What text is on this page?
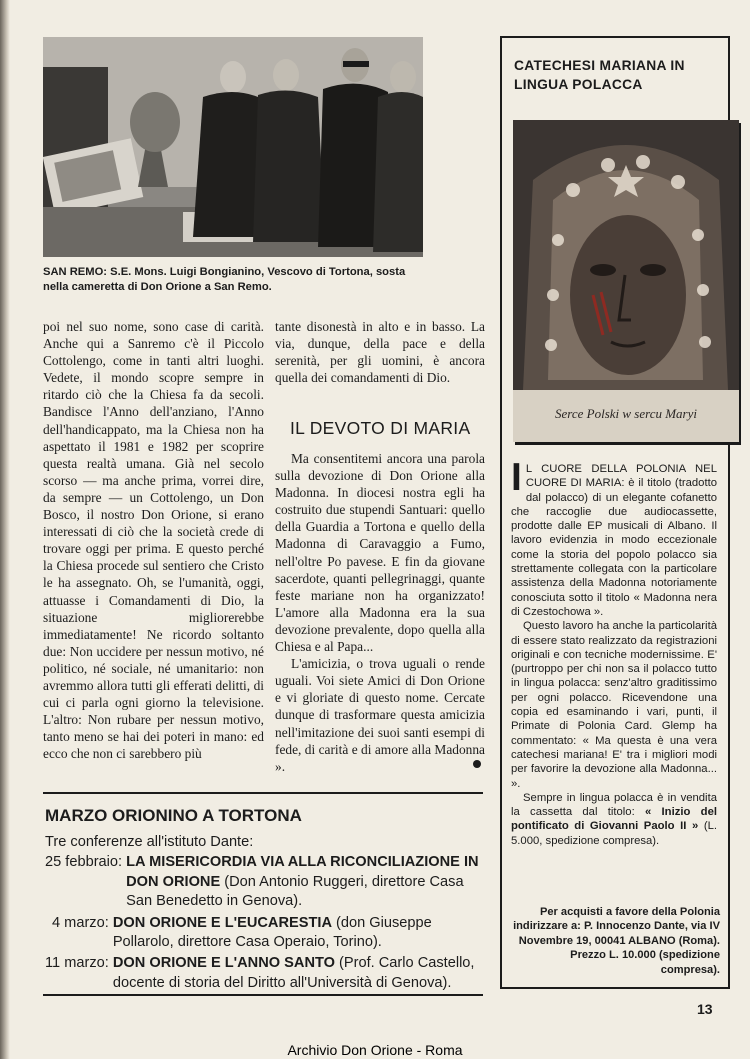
SAN REMO: S.E. Mons. Luigi Bongianino, Vescovo di Tortona, sosta nella cameretta di Don Orione a San Remo.

poi nel suo nome, sono case di carità. Anche qui a Sanremo c'è il Piccolo Cottolengo, come in tanti altri luoghi. Vedete, il mondo scopre sempre in ritardo ciò che la Chiesa fa da secoli. Bandisce l'Anno dell'anziano, l'Anno dell'handicappato, ma la Chiesa non ha aspettato il 1981 e 1982 per scoprire questa realtà umana. Già nel secolo scorso — ma anche prima, vorrei dire, da sempre — un Cottolengo, un Don Bosco, il nostro Don Orione, si erano interessati di ciò che la società crede di trovare oggi per prima. E questo perché la Chiesa procede sul sentiero che Cristo le ha assegnato. Oh, se l'umanità, oggi, attuasse i Comandamenti di Dio, la situazione migliorerebbe immediatamente! Ne ricordo soltanto due: Non uccidere per nessun motivo, né politico, né sociale, né umanitario: non avremmo allora tutti gli efferati delitti, di cui ci parla ogni giorno la televisione. L'altro: Non rubare per nessun motivo, tanto meno se hai dei poteri in mano: ed ecco che non ci sarebbero più

tante disonestà in alto e in basso. La via, dunque, della pace e della serenità, per gli uomini, è ancora quella dei comandamenti di Dio.

IL DEVOTO DI MARIA

Ma consentitemi ancora una parola sulla devozione di Don Orione alla Madonna. In diocesi nostra egli ha costruito due stupendi Santuari: quello della Guardia a Tortona e quello della Madonna di Caravaggio a Fumo, nell'oltre Po pavese. E fin da giovane sacerdote, quanti pellegrinaggi, quante feste mariane non ha organizzato! L'amore alla Madonna era la sua devozione prevalente, dopo quella alla Chiesa e al Papa...

L'amicizia, o trova uguali o rende uguali. Voi siete Amici di Don Orione e vi gloriate di questo nome. Cercate dunque di trasformare questa amicizia nell'imitazione dei suoi santi esempi di fede, di carità e di amore alla Madonna ».

MARZO ORIONINO A TORTONA
Tre conferenze all'istituto Dante:
25 febbraio: LA MISERICORDIA VIA ALLA RICONCILIAZIONE IN DON ORIONE (Don Antonio Ruggeri, direttore Casa San Benedetto in Genova).
4 marzo: DON ORIONE E L'EUCARESTIA (don Giuseppe Pollarolo, direttore Casa Operaio, Torino).
11 marzo: DON ORIONE E L'ANNO SANTO (Prof. Carlo Castello, docente di storia del Diritto all'Università di Genova).
CATECHESI MARIANA IN LINGUA POLACCA
Serce Polski w sercu Maryi

I L CUORE DELLA POLONIA NEL CUORE DI MARIA: è il titolo (tradotto dal polacco) di un elegante cofanetto che raccoglie due audiocassette, prodotte dalle EP musicali di Albano. Il lavoro evidenzia in modo eccezionale come la storia del popolo polacco sia strettamente collegata con la particolare assistenza della Madonna notoriamente conosciuta sotto il titolo « Madonna nera di Czestochowa ».

Questo lavoro ha anche la particolarità di essere stato realizzato da registrazioni originali e con tecniche modernissime. E' (purtroppo per chi non sa il polacco tutto in lingua polacca: senz'altro graditissimo per ogni polacco. Ricevendone una copia ed esaminando i vari, punti, il Primate di Polonia Card. Glemp ha commentato: « Ma questa è una vera catechesi mariana! E' tra i migliori modi per favorire la devozione alla Madonna... ».

Sempre in lingua polacca è in vendita la cassetta dal titolo: « Inizio del pontificato di Giovanni Paolo II » (L. 5.000, spedizione compresa).

Per acquisti a favore della Polonia indirizzare a: P. Innocenzo Dante, via IV Novembre 19, 00041 ALBANO (Roma). Prezzo L. 10.000 (spedizione compresa).
13
Archivio Don Orione - Roma
